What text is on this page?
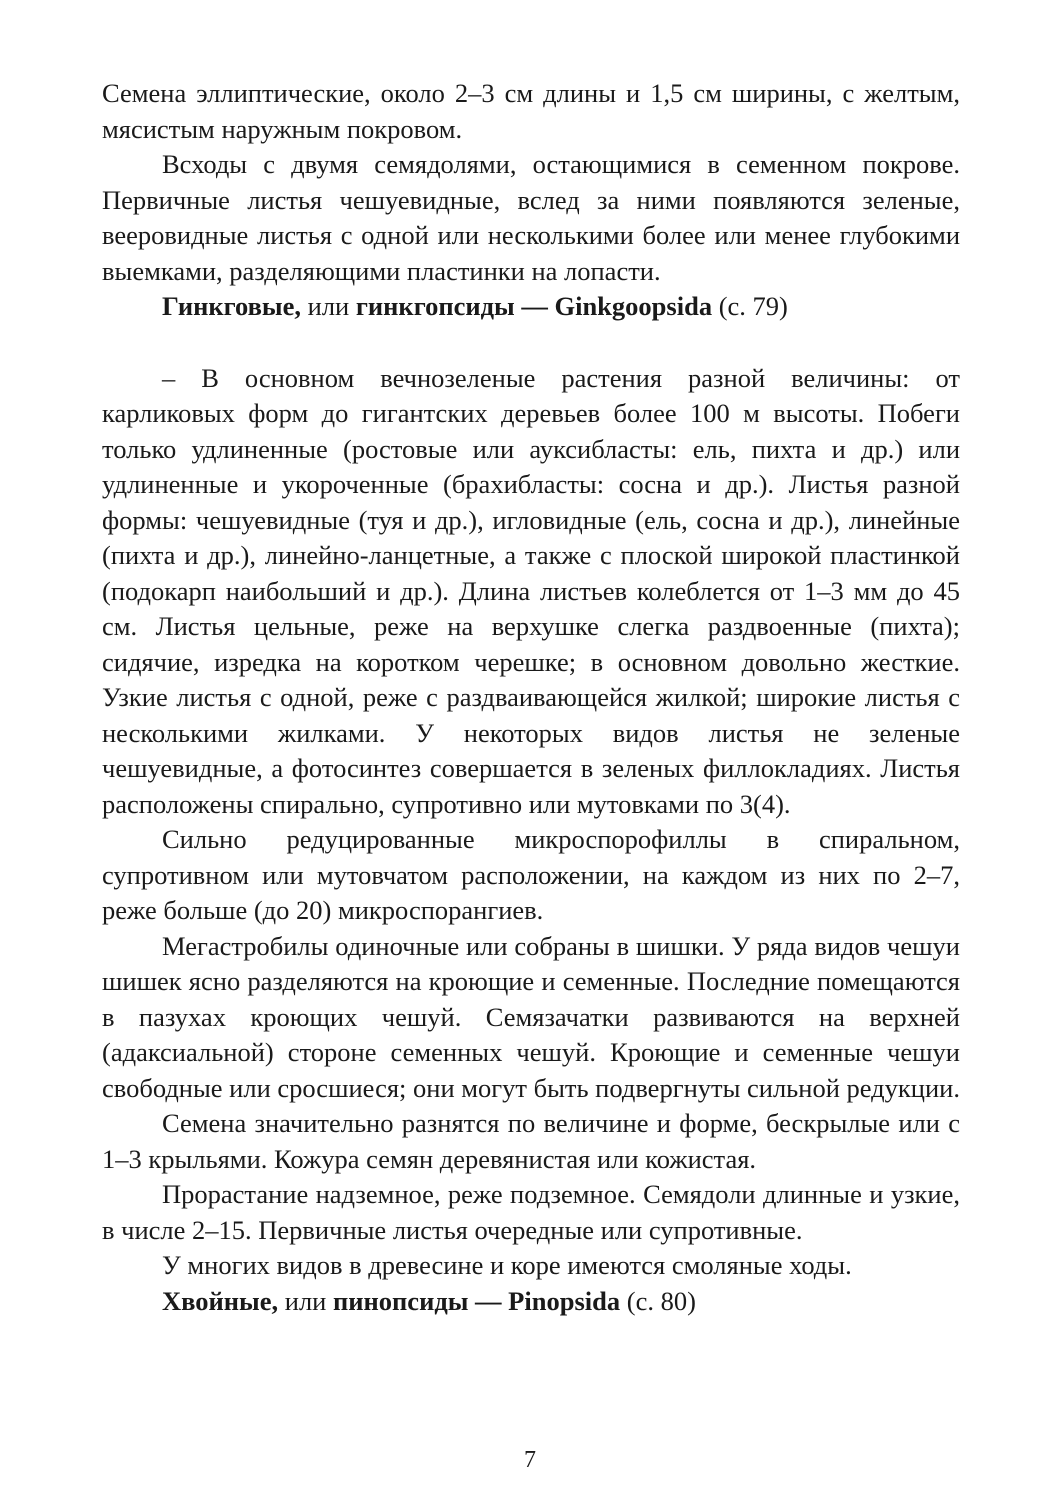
Семена эллиптические, около 2–3 см длины и 1,5 см ширины, с желтым, мясистым наружным покровом.

Всходы с двумя семядолями, остающимися в семенном покрове. Первичные листья чешуевидные, вслед за ними появляются зеленые, вееровидные листья с одной или несколькими более или менее глубокими выемками, разделяющими пластинки на лопасти.

Гинкговые, или гинкгопсиды — Ginkgoopsida (с. 79)

– В основном вечнозеленые растения разной величины: от карликовых форм до гигантских деревьев более 100 м высоты. Побеги только удлиненные (ростовые или ауксибласты: ель, пихта и др.) или удлиненные и укороченные (брахибласты: сосна и др.). Листья разной формы: чешуевидные (туя и др.), игловидные (ель, сосна и др.), линейные (пихта и др.), линейно-ланцетные, а также с плоской широкой пластинкой (подокарп наибольший и др.). Длина листьев колеблется от 1–3 мм до 45 см. Листья цельные, реже на верхушке слегка раздвоенные (пихта); сидячие, изредка на коротком черешке; в основном довольно жесткие. Узкие листья с одной, реже с раздваивающейся жилкой; широкие листья с несколькими жилками. У некоторых видов листья не зеленые чешуевидные, а фотосинтез совершается в зеленых филлокладиях. Листья расположены спирально, супротивно или мутовками по 3(4).

Сильно редуцированные микроспорофиллы в спиральном, супротивном или мутовчатом расположении, на каждом из них по 2–7, реже больше (до 20) микроспорангиев.

Мегастробилы одиночные или собраны в шишки. У ряда видов чешуи шишек ясно разделяются на кроющие и семенные. Последние помещаются в пазухах кроющих чешуй. Семязачатки развиваются на верхней (адаксиальной) стороне семенных чешуй. Кроющие и семенные чешуи свободные или сросшиеся; они могут быть подвергнуты сильной редукции.

Семена значительно разнятся по величине и форме, бескрылые или с 1–3 крыльями. Кожура семян деревянистая или кожистая.

Прорастание надземное, реже подземное. Семядоли длинные и узкие, в числе 2–15. Первичные листья очередные или супротивные.

У многих видов в древесине и коре имеются смоляные ходы.

Хвойные, или пинопсиды — Pinopsida (с. 80)

7
